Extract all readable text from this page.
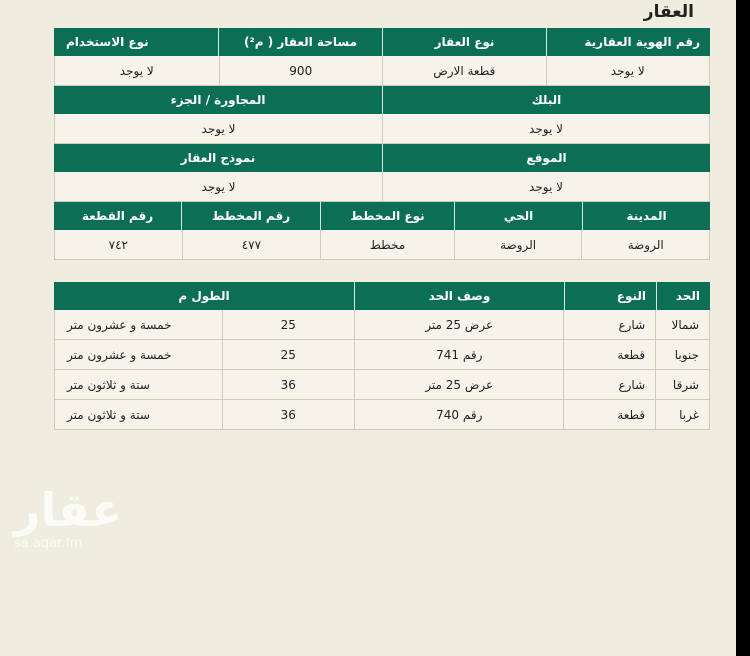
العقار
رقم الهوية العقارية
نوع العقار
مساحة العقار ( م²)
نوع الاستخدام
لا يوجد
قطعة الارض
900
لا يوجد
البلك
المجاورة / الجزء
لا يوجد
لا يوجد
الموقع
نموذج العقار
لا يوجد
لا يوجد
المدينة
الحي
نوع المخطط
رقم المخطط
رقم القطعة
الروضة
الروضة
مخطط
٤٧٧
٧٤٢
الحد
النوع
وصف الحد
الطول م
شمالا
شارع
عرض 25 متر
25
خمسة و عشرون متر
جنوبا
قطعة
رقم 741
25
خمسة و عشرون متر
شرقا
شارع
عرض 25 متر
36
ستة و ثلاثون متر
غربا
قطعة
رقم 740
36
ستة و ثلاثون متر
عقار
sa.aqar.fm
